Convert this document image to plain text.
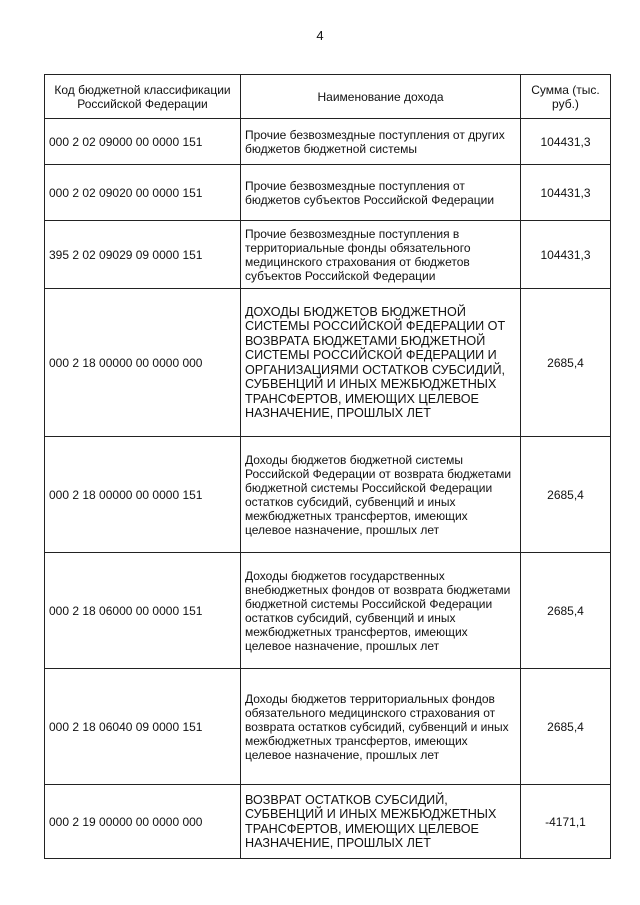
4
Код бюджетной классификации Российской Федерации	Наименование дохода	Сумма (тыс. руб.)
000 2 02 09000 00 0000 151	Прочие безвозмездные поступления от других бюджетов бюджетной системы	104431,3
000 2 02 09020 00 0000 151	Прочие безвозмездные поступления от бюджетов субъектов Российской Федерации	104431,3
395 2 02 09029 09 0000 151	Прочие безвозмездные поступления в территориальные фонды обязательного медицинского страхования от бюджетов субъектов Российской Федерации	104431,3
000 2 18 00000 00 0000 000	ДОХОДЫ БЮДЖЕТОВ БЮДЖЕТНОЙ СИСТЕМЫ РОССИЙСКОЙ ФЕДЕРАЦИИ ОТ ВОЗВРАТА БЮДЖЕТАМИ БЮДЖЕТНОЙ СИСТЕМЫ РОССИЙСКОЙ ФЕДЕРАЦИИ И ОРГАНИЗАЦИЯМИ ОСТАТКОВ СУБСИДИЙ, СУБВЕНЦИЙ И ИНЫХ МЕЖБЮДЖЕТНЫХ ТРАНСФЕРТОВ, ИМЕЮЩИХ ЦЕЛЕВОЕ НАЗНАЧЕНИЕ, ПРОШЛЫХ ЛЕТ	2685,4
000 2 18 00000 00 0000 151	Доходы бюджетов бюджетной системы Российской Федерации от возврата бюджетами бюджетной системы Российской Федерации остатков субсидий, субвенций и иных межбюджетных трансфертов, имеющих целевое назначение, прошлых лет	2685,4
000 2 18 06000 00 0000 151	Доходы бюджетов государственных внебюджетных фондов от возврата бюджетами бюджетной системы Российской Федерации остатков субсидий, субвенций и иных межбюджетных трансфертов, имеющих целевое назначение, прошлых лет	2685,4
000 2 18 06040 09 0000 151	Доходы бюджетов территориальных фондов обязательного медицинского страхования от возврата остатков субсидий, субвенций и иных межбюджетных трансфертов, имеющих целевое назначение, прошлых лет	2685,4
000 2 19 00000 00 0000 000	ВОЗВРАТ ОСТАТКОВ СУБСИДИЙ, СУБВЕНЦИЙ И ИНЫХ МЕЖБЮДЖЕТНЫХ ТРАНСФЕРТОВ, ИМЕЮЩИХ ЦЕЛЕВОЕ НАЗНАЧЕНИЕ, ПРОШЛЫХ ЛЕТ	-4171,1
